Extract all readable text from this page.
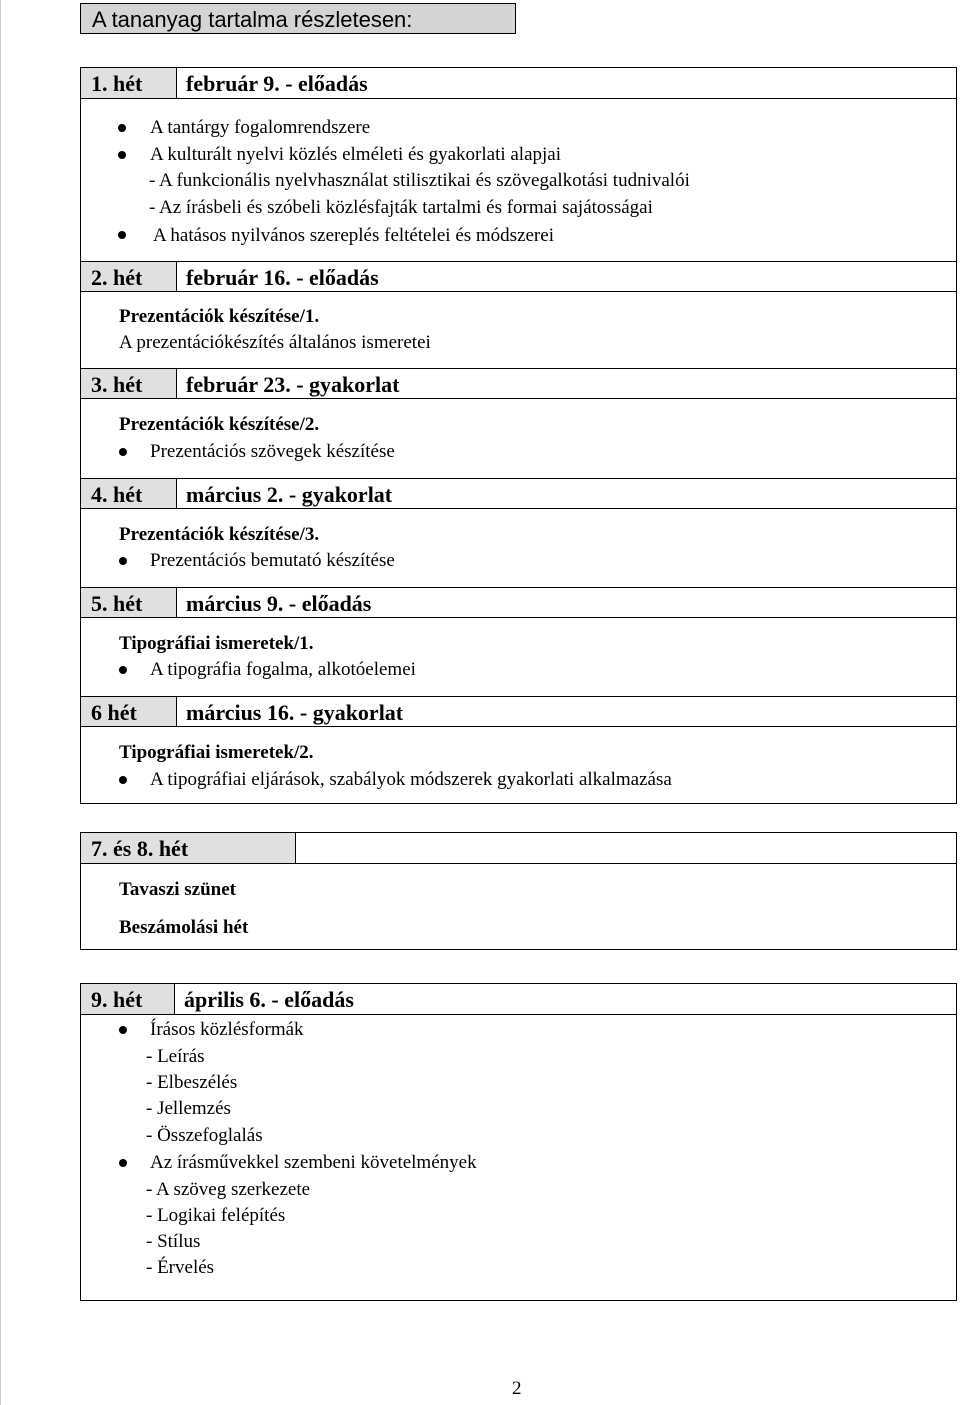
A tananyag tartalma részletesen:
1. hét	február 9. - előadás
A tantárgy fogalomrendszere
A kulturált nyelvi közlés elméleti és gyakorlati alapjai
- A funkcionális nyelvhasználat stilisztikai és szövegalkotási tudnivalói
- Az írásbeli és szóbeli közlésfajták tartalmi és formai sajátosságai
A hatásos nyilvános szereplés feltételei és módszerei
2. hét	február 16. - előadás
Prezentációk készítése/1.
A prezentációkészítés általános ismeretei
3. hét	február 23. - gyakorlat
Prezentációk készítése/2.
Prezentációs szövegek készítése
4. hét	március 2. - gyakorlat
Prezentációk készítése/3.
Prezentációs bemutató készítése
5. hét	március 9. - előadás
Tipográfiai ismeretek/1.
A tipográfia fogalma, alkotóelemei
6 hét	március 16. - gyakorlat
Tipográfiai ismeretek/2.
A tipográfiai eljárások, szabályok módszerek gyakorlati alkalmazása
7. és 8. hét
Tavaszi szünet
Beszámolási hét
9. hét	április 6. - előadás
Írásos közlésformák
- Leírás
- Elbeszélés
- Jellemzés
- Összefoglalás
Az írásművekkel szembeni követelmények
- A szöveg szerkezete
- Logikai felépítés
- Stílus
- Érvelés
2
